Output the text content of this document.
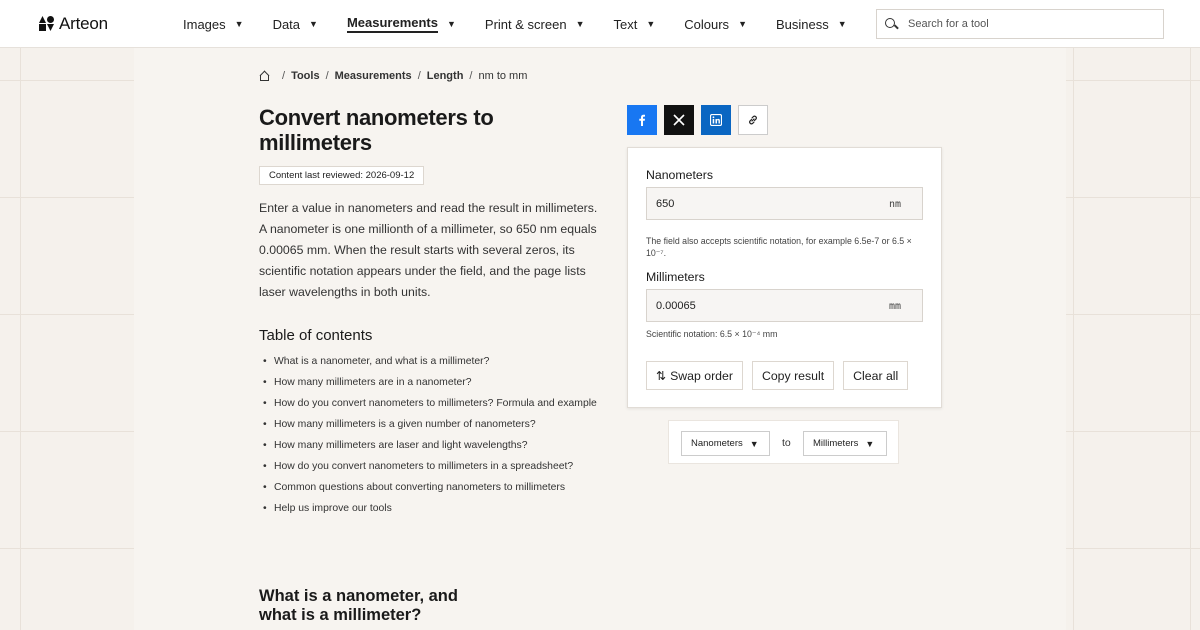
Arteon	Images ▼ Data ▼ Measurements ▼ Print & screen ▼ Text ▼ Colours ▼ Business ▼
Search for a tool
/ Tools / Measurements / Length / nm to mm
Convert nanometers to millimeters
Content last reviewed: 2026-09-12

Enter a value in nanometers and read the result in millimeters. A nanometer is one millionth of a millimeter, so 650 nm equals 0.00065 mm. When the result starts with several zeros, its scientific notation appears under the field, and the page lists laser wavelengths in both units.

Table of contents
• What is a nanometer, and what is a millimeter?
• How many millimeters are in a nanometer?
• How do you convert nanometers to millimeters? Formula and example
• How many millimeters is a given number of nanometers?
• How many millimeters are laser and light wavelengths?
• How do you convert nanometers to millimeters in a spreadsheet?
• Common questions about converting nanometers to millimeters
• Help us improve our tools
What is a nanometer, and what is a millimeter?
Nanometers
650
nm
The field also accepts scientific notation, for example 6.5e-7 or 6.5 × 10⁻⁷.
Millimeters
0.00065
mm
Scientific notation: 6.5 × 10⁻⁴ mm
⇅ Swap order	Copy result	Clear all
Nanometers ▼ to Millimeters ▼
